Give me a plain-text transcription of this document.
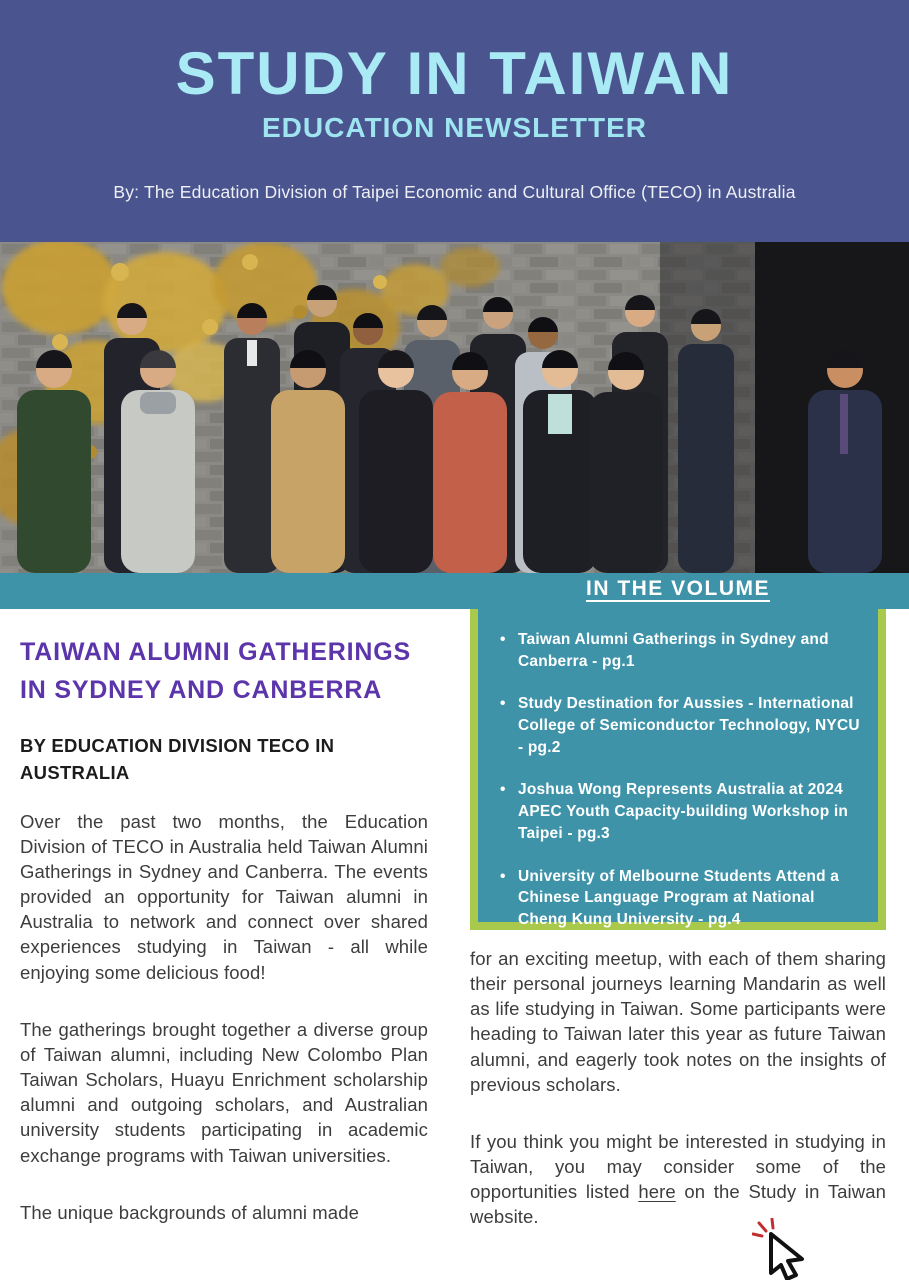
STUDY IN TAIWAN
EDUCATION NEWSLETTER

By: The Education Division of Taipei Economic and Cultural Office (TECO) in Australia

IN THE VOLUME
• Taiwan Alumni Gatherings in Sydney and Canberra - pg.1
• Study Destination for Aussies - International College of Semiconductor Technology, NYCU - pg.2
• Joshua Wong Represents Australia at 2024 APEC Youth Capacity-building Workshop in Taipei - pg.3
• University of Melbourne Students Attend a Chinese Language Program at National Cheng Kung University - pg.4
TAIWAN ALUMNI GATHERINGS IN SYDNEY AND CANBERRA

BY EDUCATION DIVISION TECO IN AUSTRALIA

Over the past two months, the Education Division of TECO in Australia held Taiwan Alumni Gatherings in Sydney and Canberra. The events provided an opportunity for Taiwan alumni in Australia to network and connect over shared experiences studying in Taiwan - all while enjoying some delicious food!

The gatherings brought together a diverse group of Taiwan alumni, including New Colombo Plan Taiwan Scholars, Huayu Enrichment scholarship alumni and outgoing scholars, and Australian university students participating in academic exchange programs with Taiwan universities.

The unique backgrounds of alumni made

for an exciting meetup, with each of them sharing their personal journeys learning Mandarin as well as life studying in Taiwan. Some participants were heading to Taiwan later this year as future Taiwan alumni, and eagerly took notes on the insights of previous scholars.

If you think you might be interested in studying in Taiwan, you may consider some of the opportunities listed here on the Study in Taiwan website.
